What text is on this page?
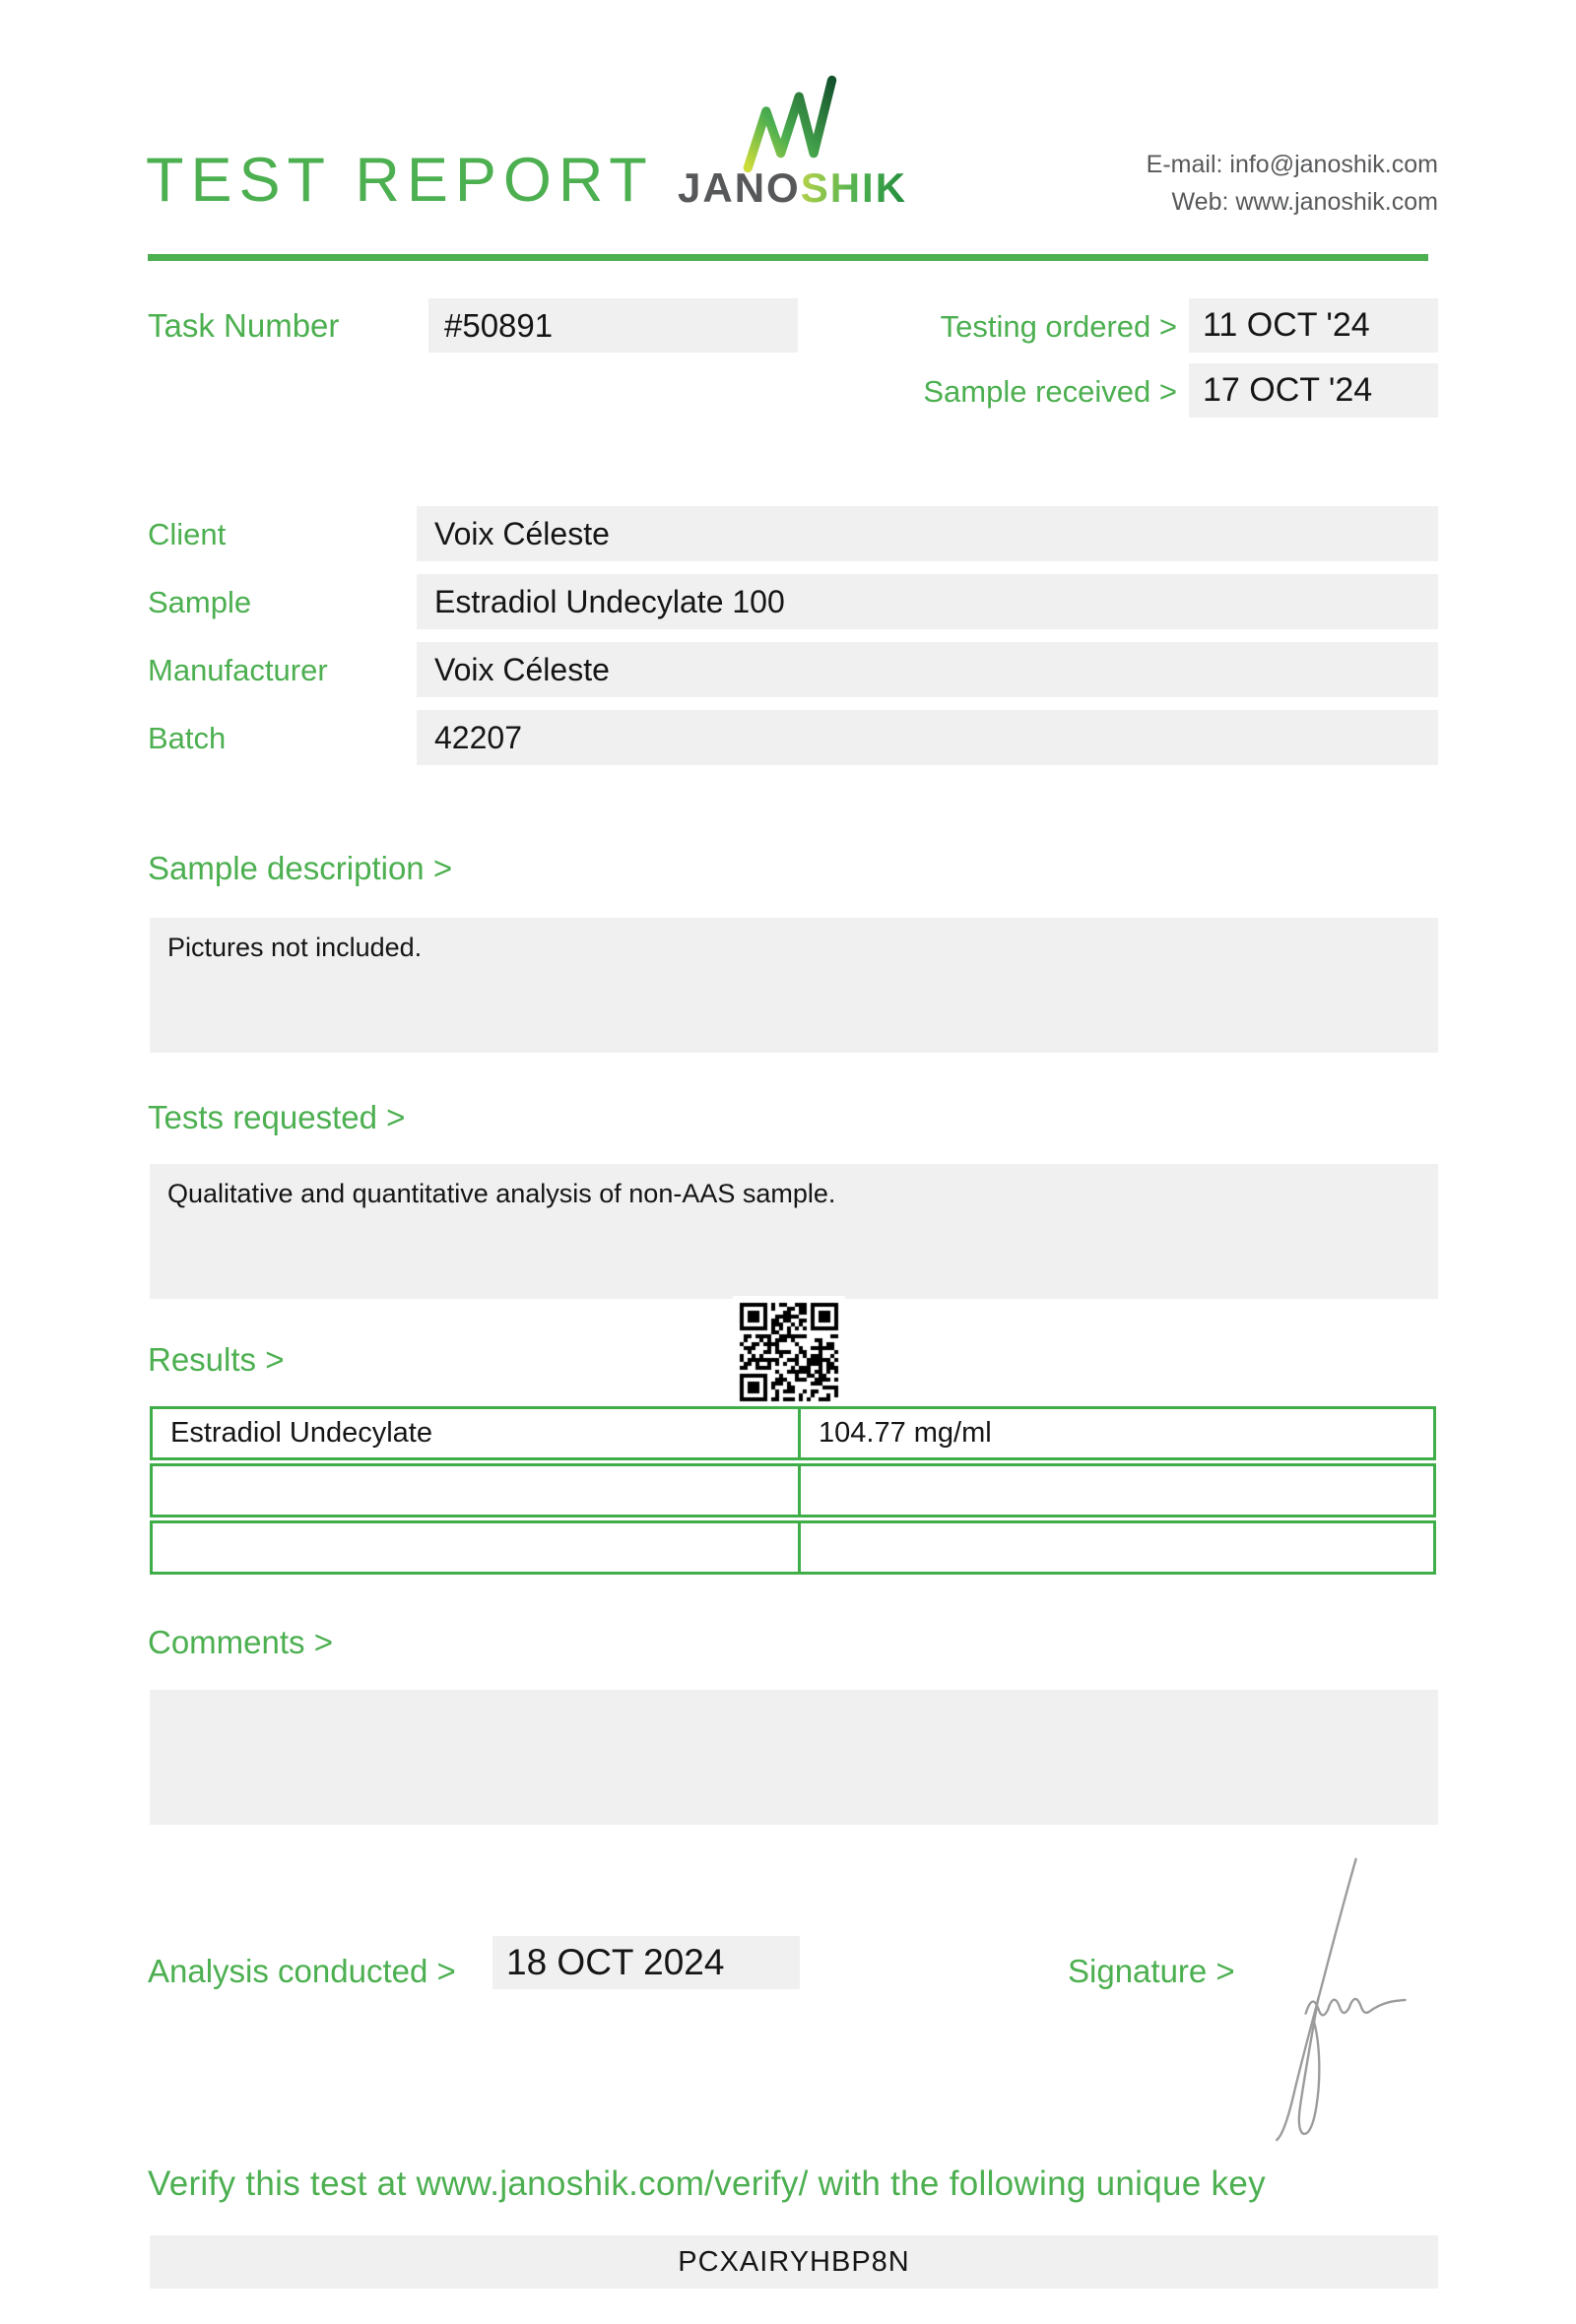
TEST REPORT JANOSHIK	E-mail: info@janoshik.com
Web: www.janoshik.com
Task Number	#50891	Testing ordered > 11 OCT '24
Sample received > 17 OCT '24
Client	Voix Céleste
Sample	Estradiol Undecylate 100
Manufacturer	Voix Céleste
Batch	42207
Sample description >
Pictures not included.
Tests requested >
Qualitative and quantitative analysis of non-AAS sample.
Results >
Estradiol Undecylate	104.77 mg/ml
Comments >
Analysis conducted >	18 OCT 2024	Signature >
Verify this test at www.janoshik.com/verify/ with the following unique key
PCXAIRYHBP8N
